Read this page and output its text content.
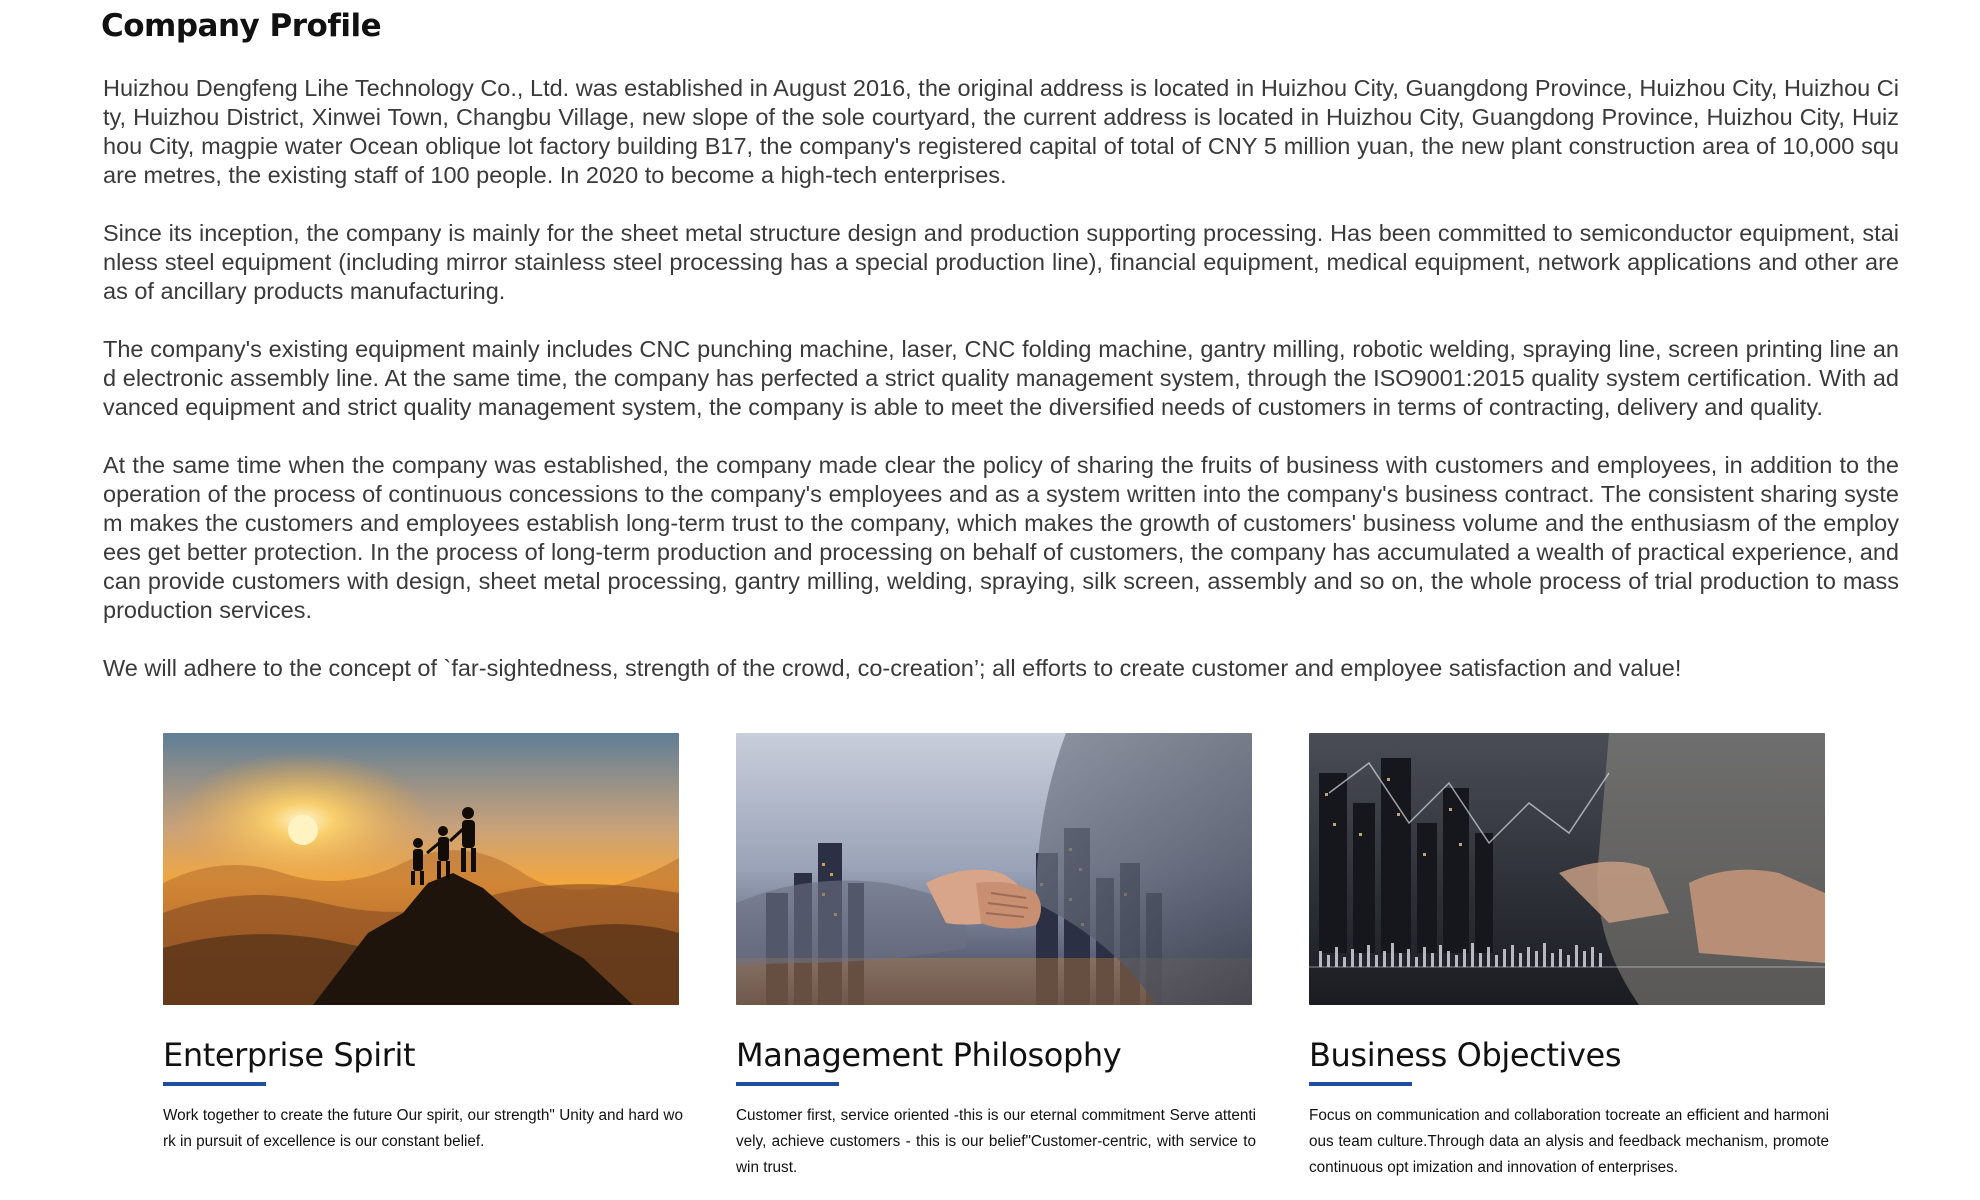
Company Profile

Huizhou Dengfeng Lihe Technology Co., Ltd. was established in August 2016, the original address is located in Huizhou City, Guangdong Province, Huizhou City, Huizhou City, Huizhou District, Xinwei Town, Changbu Village, new slope of the sole courtyard, the current address is located in Huizhou City, Guangdong Province, Huizhou City, Huizhou City, magpie water Ocean oblique lot factory building B17, the company's registered capital of total of CNY 5 million yuan, the new plant construction area of 10,000 square metres, the existing staff of 100 people. In 2020 to become a high-tech enterprises.

Since its inception, the company is mainly for the sheet metal structure design and production supporting processing. Has been committed to semiconductor equipment, stainless steel equipment (including mirror stainless steel processing has a special production line), financial equipment, medical equipment, network applications and other areas of ancillary products manufacturing.

The company's existing equipment mainly includes CNC punching machine, laser, CNC folding machine, gantry milling, robotic welding, spraying line, screen printing line and electronic assembly line. At the same time, the company has perfected a strict quality management system, through the ISO9001:2015 quality system certification. With advanced equipment and strict quality management system, the company is able to meet the diversified needs of customers in terms of contracting, delivery and quality.

At the same time when the company was established, the company made clear the policy of sharing the fruits of business with customers and employees, in addition to the operation of the process of continuous concessions to the company's employees and as a system written into the company's business contract. The consistent sharing system makes the customers and employees establish long-term trust to the company, which makes the growth of customers' business volume and the enthusiasm of the employees get better protection. In the process of long-term production and processing on behalf of customers, the company has accumulated a wealth of practical experience, and can provide customers with design, sheet metal processing, gantry milling, welding, spraying, silk screen, assembly and so on, the whole process of trial production to mass production services.

We will adhere to the concept of `far-sightedness, strength of the crowd, co-creation’; all efforts to create customer and employee satisfaction and value!

Enterprise Spirit

Work together to create the future Our spirit, our strength" Unity and hard work in pursuit of excellence is our constant belief.

Management Philosophy

Customer first, service oriented -this is our eternal commitment Serve attentively, achieve customers - this is our belief"Customer-centric, with service to win trust.

Business Objectives

Focus on communication and collaboration tocreate an efficient and harmonious team culture.Through data an alysis and feedback mechanism, promotecontinuous opt imization and innovation of enterprises.
